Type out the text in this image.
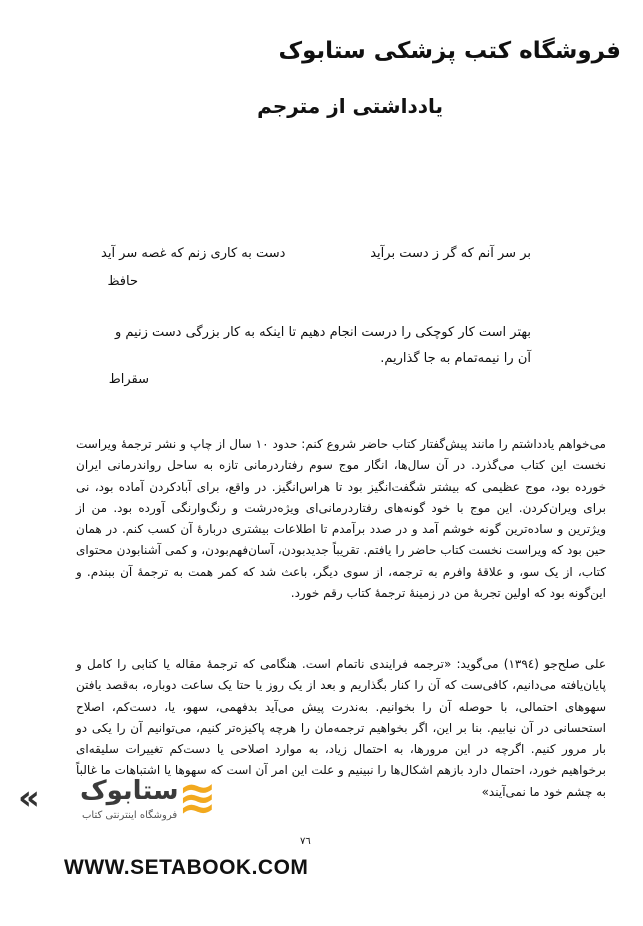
فروشگاه کتب پزشکی ستابوک
یادداشتی از مترجم
بر سر آنم که گر ز دست برآید
دست به کاری زنم که غصه سر آید
حافظ

بهتر است کار کوچکی را درست انجام دهیم تا اینکه به کار بزرگی دست زنیم و آن را نیمه‌تمام به جا گذاریم.

سقراط

می‌خواهم یادداشتم را مانند پیش‌گفتار کتاب حاضر شروع کنم: حدود ۱۰ سال از چاپ و نشر ترجمهٔ ویراست نخست این کتاب می‌گذرد. در آن سال‌ها، انگار موج سوم رفتاردرمانی تازه به ساحل رواندرمانی ایران خورده بود، موج عظیمی که بیشتر شگفت‌انگیز بود تا هراس‌انگیز. در واقع، برای آبادکردن آماده بود، نی برای ویران‌کردن. این موج با خود گونه‌های رفتاردرمانی‌ای ویژه‌درشت و رنگ‌وارنگی آورده بود. من از ویژترین و ساده‌ترین گونه خوشم آمد و در صدد برآمدم تا اطلاعات بیشتری دربارهٔ آن کسب کنم. در همان حین بود که ویراست نخست کتاب حاضر را یافتم. تقریباً جدیدبودن، آسان‌فهم‌بودن، و کمی آشنابودن محتوای کتاب، از یک سو، و علاقهٔ وافرم به ترجمه، از سوی دیگر، باعث شد که کمر همت به ترجمهٔ آن ببندم. و این‌گونه بود که اولین تجربهٔ من در زمینهٔ ترجمهٔ کتاب رقم خورد.

علی صلح‌جو (۱۳۹٤) می‌گوید: «ترجمه فرایندی ناتمام است. هنگامی که ترجمهٔ مقاله یا کتابی را کامل و پایان‌یافته می‌دانیم، کافی‌ست که آن را کنار بگذاریم و بعد از یک روز یا حتا یک ساعت دوباره، به‌قصد یافتن سهوهای احتمالی، با حوصله آن را بخوانیم. به‌ندرت پیش می‌آید بدفهمی، سهو، یا، دست‌کم، اصلاح استحسانی در آن نیابیم. بنا بر این، اگر بخواهیم ترجمه‌مان را هرچه پاکیزه‌تر کنیم، می‌توانیم آن را یکی دو بار مرور کنیم. اگرچه در این مرورها، به احتمال زیاد، به موارد اصلاحی یا دست‌کم تغییرات سلیقه‌ای برخواهیم خورد، احتمال دارد بازهم اشکال‌ها را نبینیم و علت این امر آن است که سهوها یا اشتباهات ما غالباً به چشم خود ما نمی‌آیند»

« ستابوک
فروشگاه اینترنتی کتاب ≋
٧٦

WWW.SETABOOK.COM
